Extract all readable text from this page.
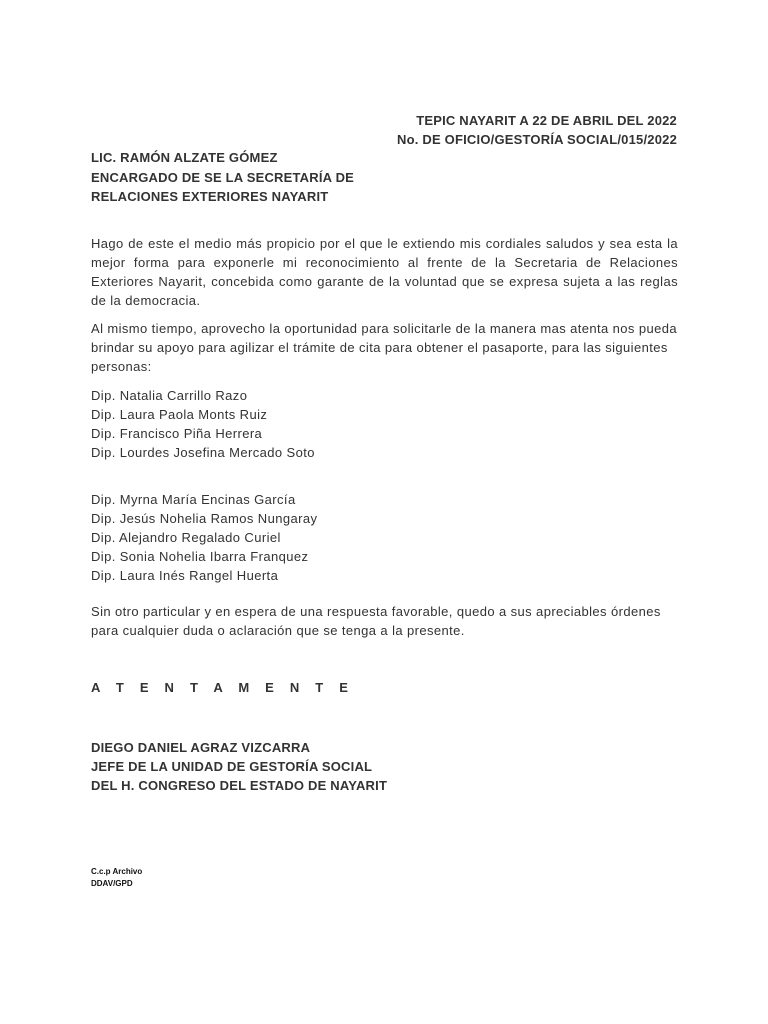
TEPIC NAYARIT A 22 DE ABRIL DEL 2022
No. DE OFICIO/GESTORÍA SOCIAL/015/2022
LIC. RAMÓN ALZATE GÓMEZ
ENCARGADO DE SE LA SECRETARÍA DE
RELACIONES EXTERIORES NAYARIT

Hago de este el medio más propicio por el que le extiendo mis cordiales saludos y sea esta la mejor forma para exponerle mi reconocimiento al frente de la Secretaria de Relaciones Exteriores Nayarit, concebida como garante de la voluntad que se expresa sujeta a las reglas de la democracia.

Al mismo tiempo, aprovecho la oportunidad para solicitarle de la manera mas atenta nos pueda brindar su apoyo para agilizar el trámite de cita para obtener el pasaporte, para las siguientes personas:

Dip. Natalia Carrillo Razo
Dip. Laura Paola Monts Ruiz
Dip. Francisco Piña Herrera
Dip. Lourdes Josefina Mercado Soto
Dip. Myrna María Encinas García
Dip. Jesús Nohelia Ramos Nungaray
Dip. Alejandro Regalado Curiel
Dip. Sonia Nohelia Ibarra Franquez
Dip. Laura Inés Rangel Huerta

Sin otro particular y en espera de una respuesta favorable, quedo a sus apreciables órdenes para cualquier duda o aclaración que se tenga a la presente.

A T E N T A M E N T E
DIEGO DANIEL AGRAZ VIZCARRA
JEFE DE LA UNIDAD DE GESTORÍA SOCIAL
DEL H. CONGRESO DEL ESTADO DE NAYARIT
C.c.p Archivo
DDAV/GPD
